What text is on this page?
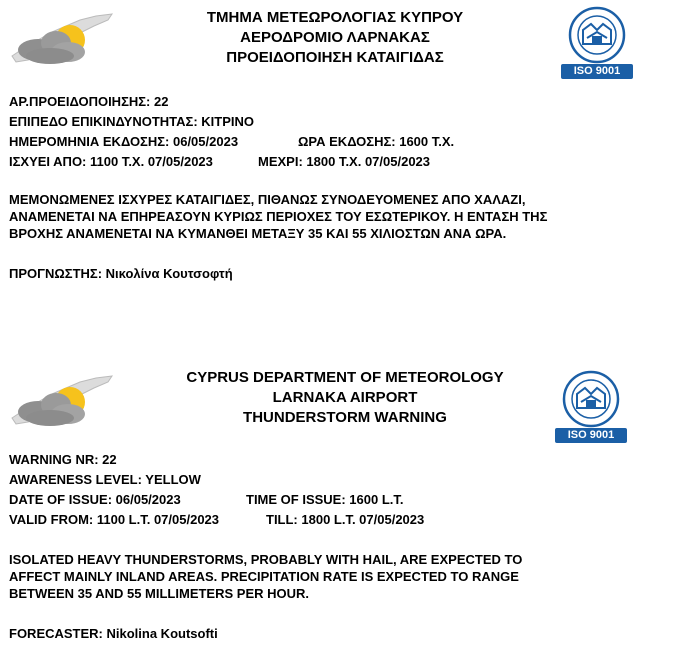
ΤΜΗΜΑ ΜΕΤΕΩΡΟΛΟΓΙΑΣ ΚΥΠΡΟΥ
ΑΕΡΟΔΡΟΜΙΟ ΛΑΡΝΑΚΑΣ
ΠΡΟΕΙΔΟΠΟΙΗΣΗ ΚΑΤΑΙΓΙΔΑΣ
ISO 9001
ΑΡ.ΠΡΟΕΙΔΟΠΟΙΗΣΗΣ: 22
ΕΠΙΠΕΔΟ ΕΠΙΚΙΝΔΥΝΟΤΗΤΑΣ: ΚΙΤΡΙΝΟ
ΗΜΕΡΟΜΗΝΙΑ ΕΚΔΟΣΗΣ: 06/05/2023	ΩΡΑ ΕΚΔΟΣΗΣ: 1600 Τ.Χ.
ΙΣΧΥΕΙ ΑΠΟ: 1100 Τ.Χ. 07/05/2023	ΜΕΧΡΙ: 1800 Τ.Χ. 07/05/2023
ΜΕΜΟΝΩΜΕΝΕΣ ΙΣΧΥΡΕΣ ΚΑΤΑΙΓΙΔΕΣ, ΠΙΘΑΝΩΣ ΣΥΝΟΔΕΥΟΜΕΝΕΣ ΑΠΟ ΧΑΛΑΖΙ,
ΑΝΑΜΕΝΕΤΑΙ ΝΑ ΕΠΗΡΕΑΣΟΥΝ ΚΥΡΙΩΣ ΠΕΡΙΟΧΕΣ ΤΟΥ ΕΣΩΤΕΡΙΚΟΥ. Η ΕΝΤΑΣΗ ΤΗΣ
ΒΡΟΧΗΣ ΑΝΑΜΕΝΕΤΑΙ ΝΑ ΚΥΜΑΝΘΕΙ ΜΕΤΑΞΥ 35 ΚΑΙ 55 ΧΙΛΙΟΣΤΩΝ ΑΝΑ ΩΡΑ.
ΠΡΟΓΝΩΣΤΗΣ: Νικολίνα Κουτσοφτή
CYPRUS DEPARTMENT OF METEOROLOGY
LARNAKA AIRPORT
THUNDERSTORM WARNING
ISO 9001
WARNING NR: 22
AWARENESS LEVEL: YELLOW
DATE OF ISSUE: 06/05/2023	TIME OF ISSUE: 1600 L.T.
VALID FROM: 1100 L.T. 07/05/2023	TILL: 1800 L.T. 07/05/2023
ISOLATED HEAVY THUNDERSTORMS, PROBABLY WITH HAIL, ARE EXPECTED TO
AFFECT MAINLY INLAND AREAS. PRECIPITATION RATE IS EXPECTED TO RANGE
BETWEEN 35 AND 55 MILLIMETERS PER HOUR.
FORECASTER: Nikolina Koutsofti
